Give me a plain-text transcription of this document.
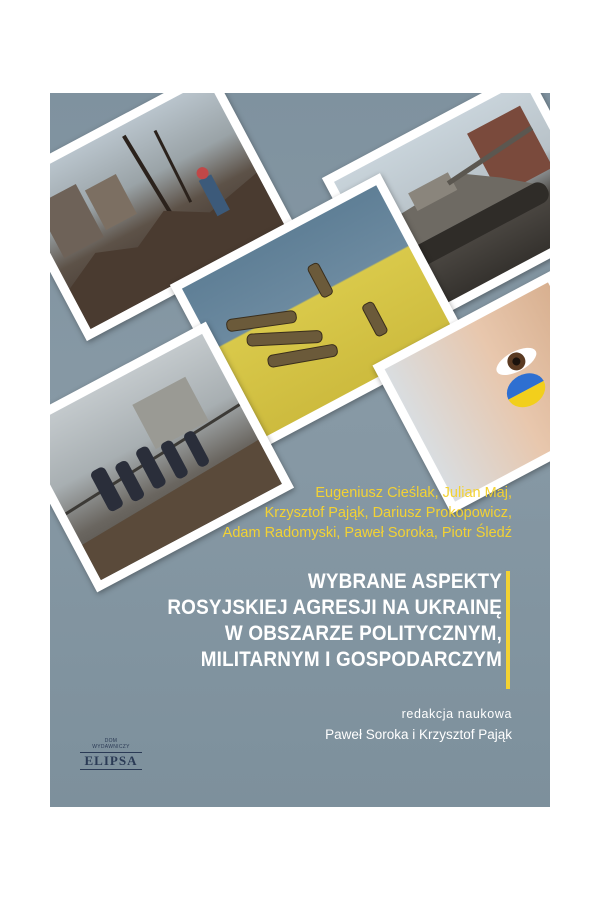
Eugeniusz Cieślak, Julian Maj,
Krzysztof Pająk, Dariusz Prokopowicz,
Adam Radomyski, Paweł Soroka, Piotr Śledź
WYBRANE ASPEKTY
ROSYJSKIEJ AGRESJI NA UKRAINĘ
W OBSZARZE POLITYCZNYM,
MILITARNYM I GOSPODARCZYM
redakcja naukowa
Paweł Soroka i Krzysztof Pająk
DOM
WYDAWNICZY
ELIPSA
